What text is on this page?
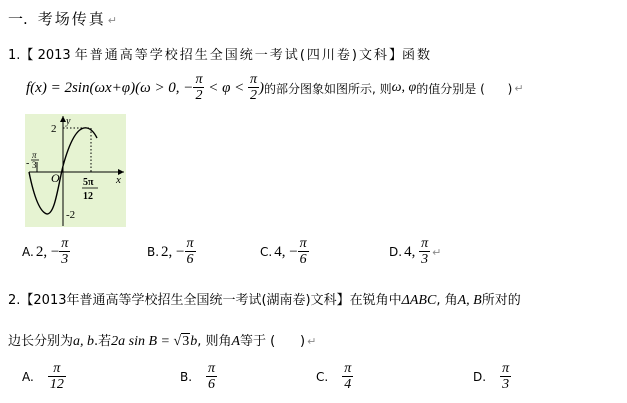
一. 考场传真 ↵
1.【 2013 年普通高等学校招生全国统一考试(四川卷)文科】函数
f(x) = 2sin(ωx+φ)(ω > 0, − $\frac{\pi}{2} < \varphi < \frac{\pi}{2}$ ) 的部分图象如图所示, 则 ω, φ 的值分别是 (      ) ↵
2
-2
O	x
y
-
π
3
5π
12
A. 2, − $\frac{\pi}{3}$	B. 2, − $\frac{\pi}{6}$	C. 4, − $\frac{\pi}{6}$	D. 4, $\frac{\pi}{3}$ ↵
2.【2013年普通高等学校招生全国统一考试(湖南卷)文科】在锐角中ΔABC, 角A, B所对的
边长分别为a, b.若2a sin B = √3b, 则角A等于 (      ) ↵
A. $\frac{\pi}{12}$	B. $\frac{\pi}{6}$	C. $\frac{\pi}{4}$	D. $\frac{\pi}{3}$
